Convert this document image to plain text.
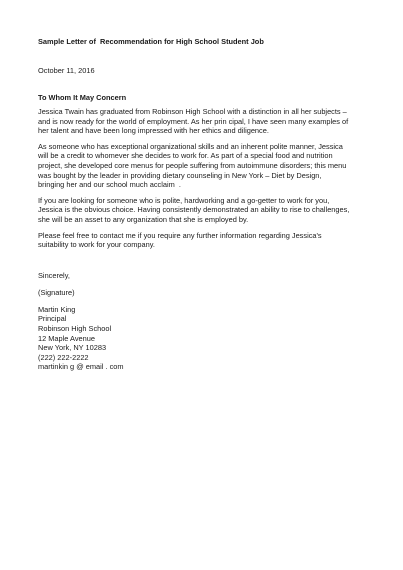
Sample Letter of  Recommendation for High School Student Job
October 11, 2016
To Whom It May Concern
Jessica Twain has graduated from Robinson High School with a distinction in all her subjects –
and is now ready for the world of employment. As her prin cipal, I have seen many examples of
her talent and have been long impressed with her ethics and diligence.
As someone who has exceptional organizational skills and an inherent polite manner, Jessica
will be a credit to whomever she decides to work for. As part of a special food and nutrition
project, she developed core menus for people suffering from autoimmune disorders; this menu
was bought by the leader in providing dietary counseling in New York – Diet by Design,
bringing her and our school much acclaim  .
If you are looking for someone who is polite, hardworking and a go-getter to work for you,
Jessica is the obvious choice. Having consistently demonstrated an ability to rise to challenges,
she will be an asset to any organization that she is employed by.
Please feel free to contact me if you require any further information regarding Jessica's
suitability to work for your company.
Sincerely,
(Signature)
Martin King
Principal
Robinson High School
12 Maple Avenue
New York, NY 10283
(222) 222-2222
martinkin g @ email . com
